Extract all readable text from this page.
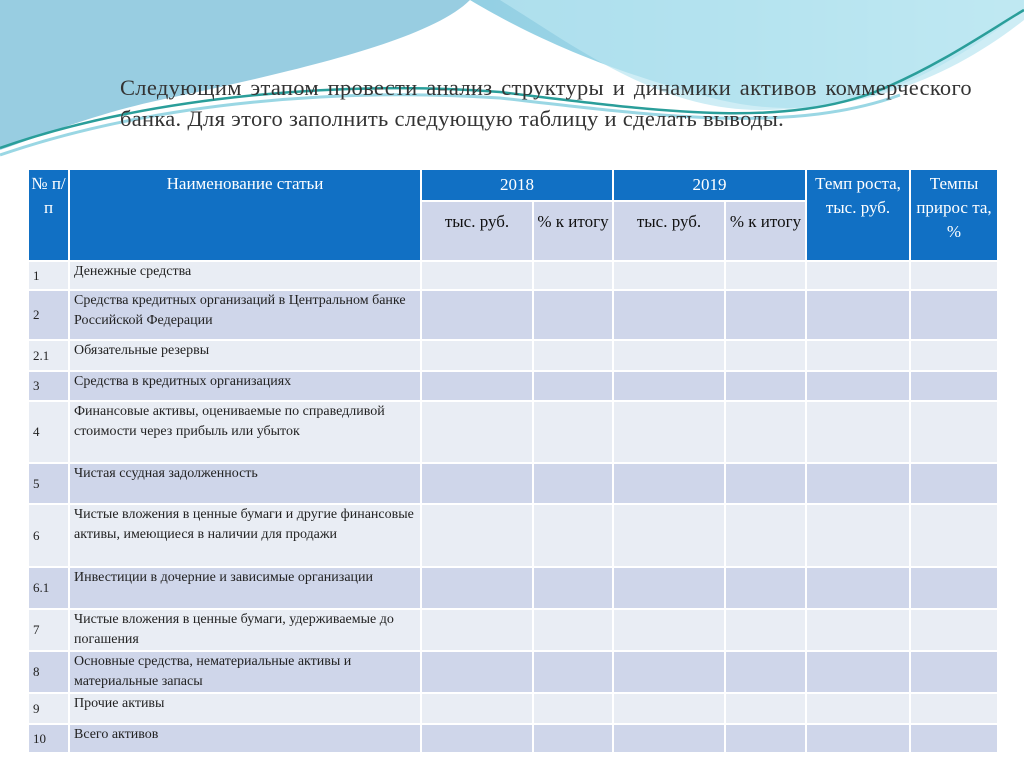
Следующим этапом провести анализ структуры и динамики активов коммерческого банка. Для этого заполнить следующую таблицу и сделать выводы.
№ п/п	Наименование статьи	2018		2019		Темп роста, тыс. руб.	Темпы прирос та, %
		тыс. руб.	% к итогу	тыс. руб.	% к итогу		
1	Денежные средства						
2	Средства кредитных организаций в Центральном банке Российской Федерации						
2.1	Обязательные резервы						
3	Средства в кредитных организациях						
4	Финансовые активы, оцениваемые по справедливой стоимости через прибыль или убыток						
5	Чистая ссудная задолженность						
6	Чистые вложения в ценные бумаги и другие финансовые активы, имеющиеся в наличии для продажи						
6.1	Инвестиции в дочерние и зависимые организации						
7	Чистые вложения в ценные бумаги, удерживаемые до погашения						
8	Основные средства, нематериальные активы и материальные запасы						
9	Прочие активы						
10	Всего активов						
